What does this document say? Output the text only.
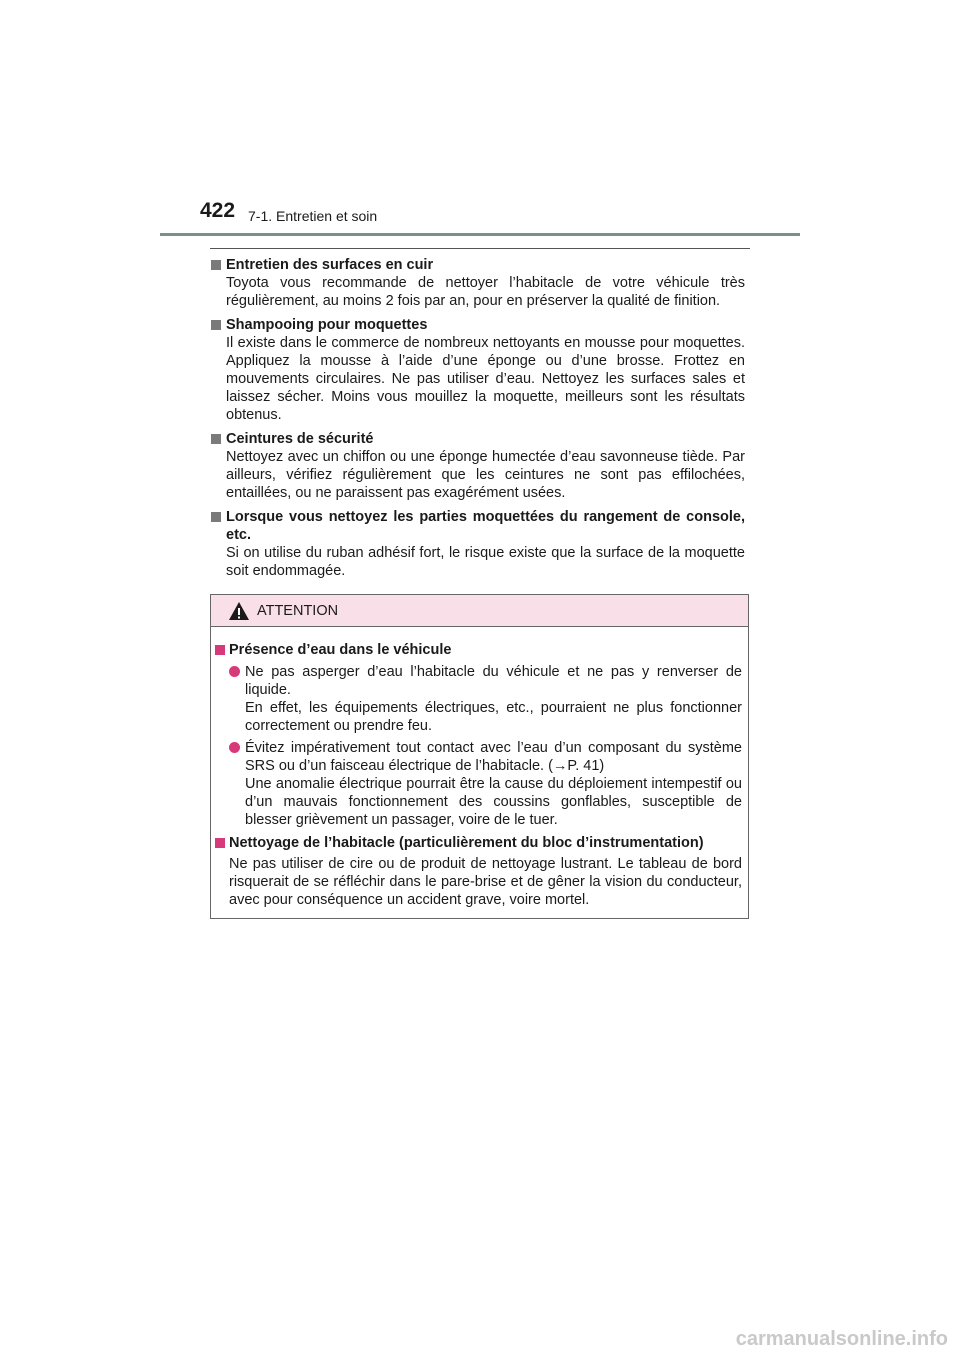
422 7-1. Entretien et soin
Entretien des surfaces en cuir
Toyota vous recommande de nettoyer l’habitacle de votre véhicule très régulièrement, au moins 2 fois par an, pour en préserver la qualité de finition.
Shampooing pour moquettes
Il existe dans le commerce de nombreux nettoyants en mousse pour moquettes. Appliquez la mousse à l’aide d’une éponge ou d’une brosse. Frottez en mouvements circulaires. Ne pas utiliser d’eau. Nettoyez les surfaces sales et laissez sécher. Moins vous mouillez la moquette, meilleurs sont les résultats obtenus.
Ceintures de sécurité
Nettoyez avec un chiffon ou une éponge humectée d’eau savonneuse tiède. Par ailleurs, vérifiez régulièrement que les ceintures ne sont pas effilochées, entaillées, ou ne paraissent pas exagérément usées.
Lorsque vous nettoyez les parties moquettées du rangement de console, etc.
Si on utilise du ruban adhésif fort, le risque existe que la surface de la moquette soit endommagée.
ATTENTION
Présence d’eau dans le véhicule
Ne pas asperger d’eau l’habitacle du véhicule et ne pas y renverser de liquide.
En effet, les équipements électriques, etc., pourraient ne plus fonctionner correctement ou prendre feu.
Évitez impérativement tout contact avec l’eau d’un composant du système SRS ou d’un faisceau électrique de l’habitacle. (→P. 41)
Une anomalie électrique pourrait être la cause du déploiement intempestif ou d’un mauvais fonctionnement des coussins gonflables, susceptible de blesser grièvement un passager, voire de le tuer.
Nettoyage de l’habitacle (particulièrement du bloc d’instrumentation)
Ne pas utiliser de cire ou de produit de nettoyage lustrant. Le tableau de bord risquerait de se réfléchir dans le pare-brise et de gêner la vision du conducteur, avec pour conséquence un accident grave, voire mortel.
carmanualsonline.info
